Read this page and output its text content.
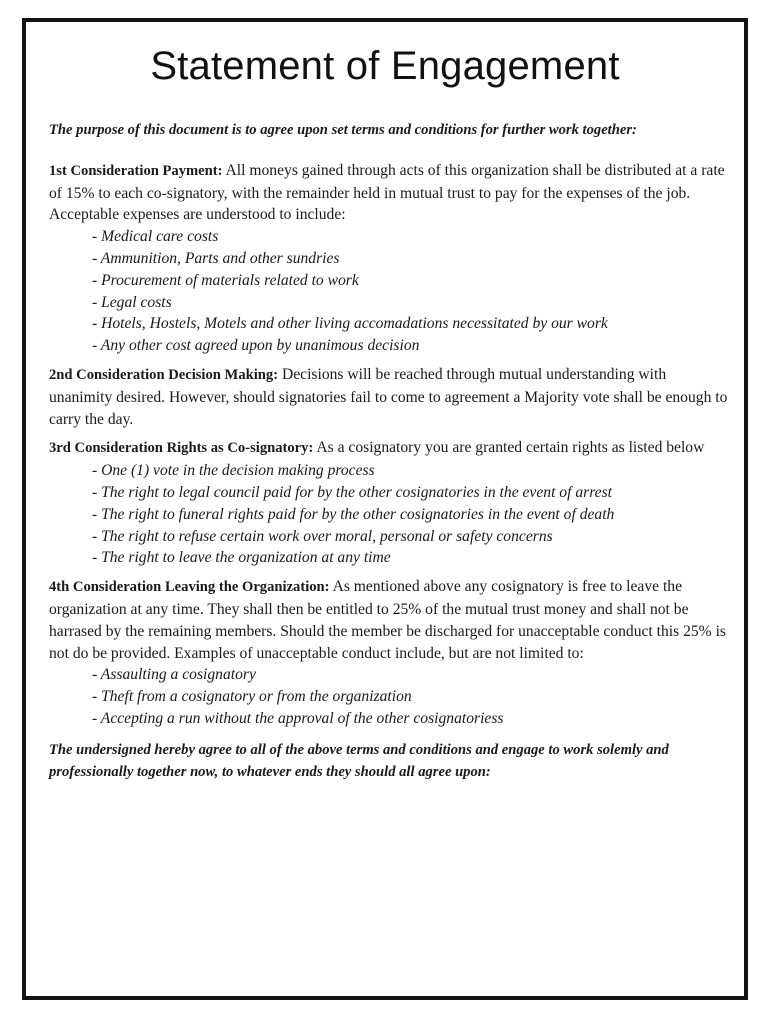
Statement of Engagement
The purpose of this document is to agree upon set terms and conditions for further work together:
1st Consideration Payment: All moneys gained through acts of this organization shall be distributed at a rate of 15% to each co-signatory, with the remainder held in mutual trust to pay for the expenses of the job.
Acceptable expenses are understood to include:
- Medical care costs
- Ammunition, Parts and other sundries
- Procurement of materials related to work
- Legal costs
- Hotels, Hostels, Motels and other living accomadations necessitated by our work
- Any other cost agreed upon by unanimous decision
2nd Consideration Decision Making: Decisions will be reached through mutual understanding with unanimity desired. However, should signatories fail to come to agreement a Majority vote shall be enough to carry the day.
3rd Consideration Rights as Co-signatory: As a cosignatory you are granted certain rights as listed below
- One (1) vote in the decision making process
- The right to legal council paid for by the other cosignatories in the event of arrest
- The right to funeral rights paid for by the other cosignatories in the event of death
- The right to refuse certain work over moral, personal or safety concerns
- The right to leave the organization at any time
4th Consideration Leaving the Organization: As mentioned above any cosignatory is free to leave the organization at any time. They shall then be entitled to 25% of the mutual trust money and shall not be harrased by the remaining members. Should the member be discharged for unacceptable conduct this 25% is not do be provided. Examples of unacceptable conduct include, but are not limited to:
- Assaulting a cosignatory
- Theft from a cosignatory or from the organization
- Accepting a run without the approval of the other cosignatoriess
The undersigned hereby agree to all of the above terms and conditions and engage to work solemly and professionally together now, to whatever ends they should all agree upon:
